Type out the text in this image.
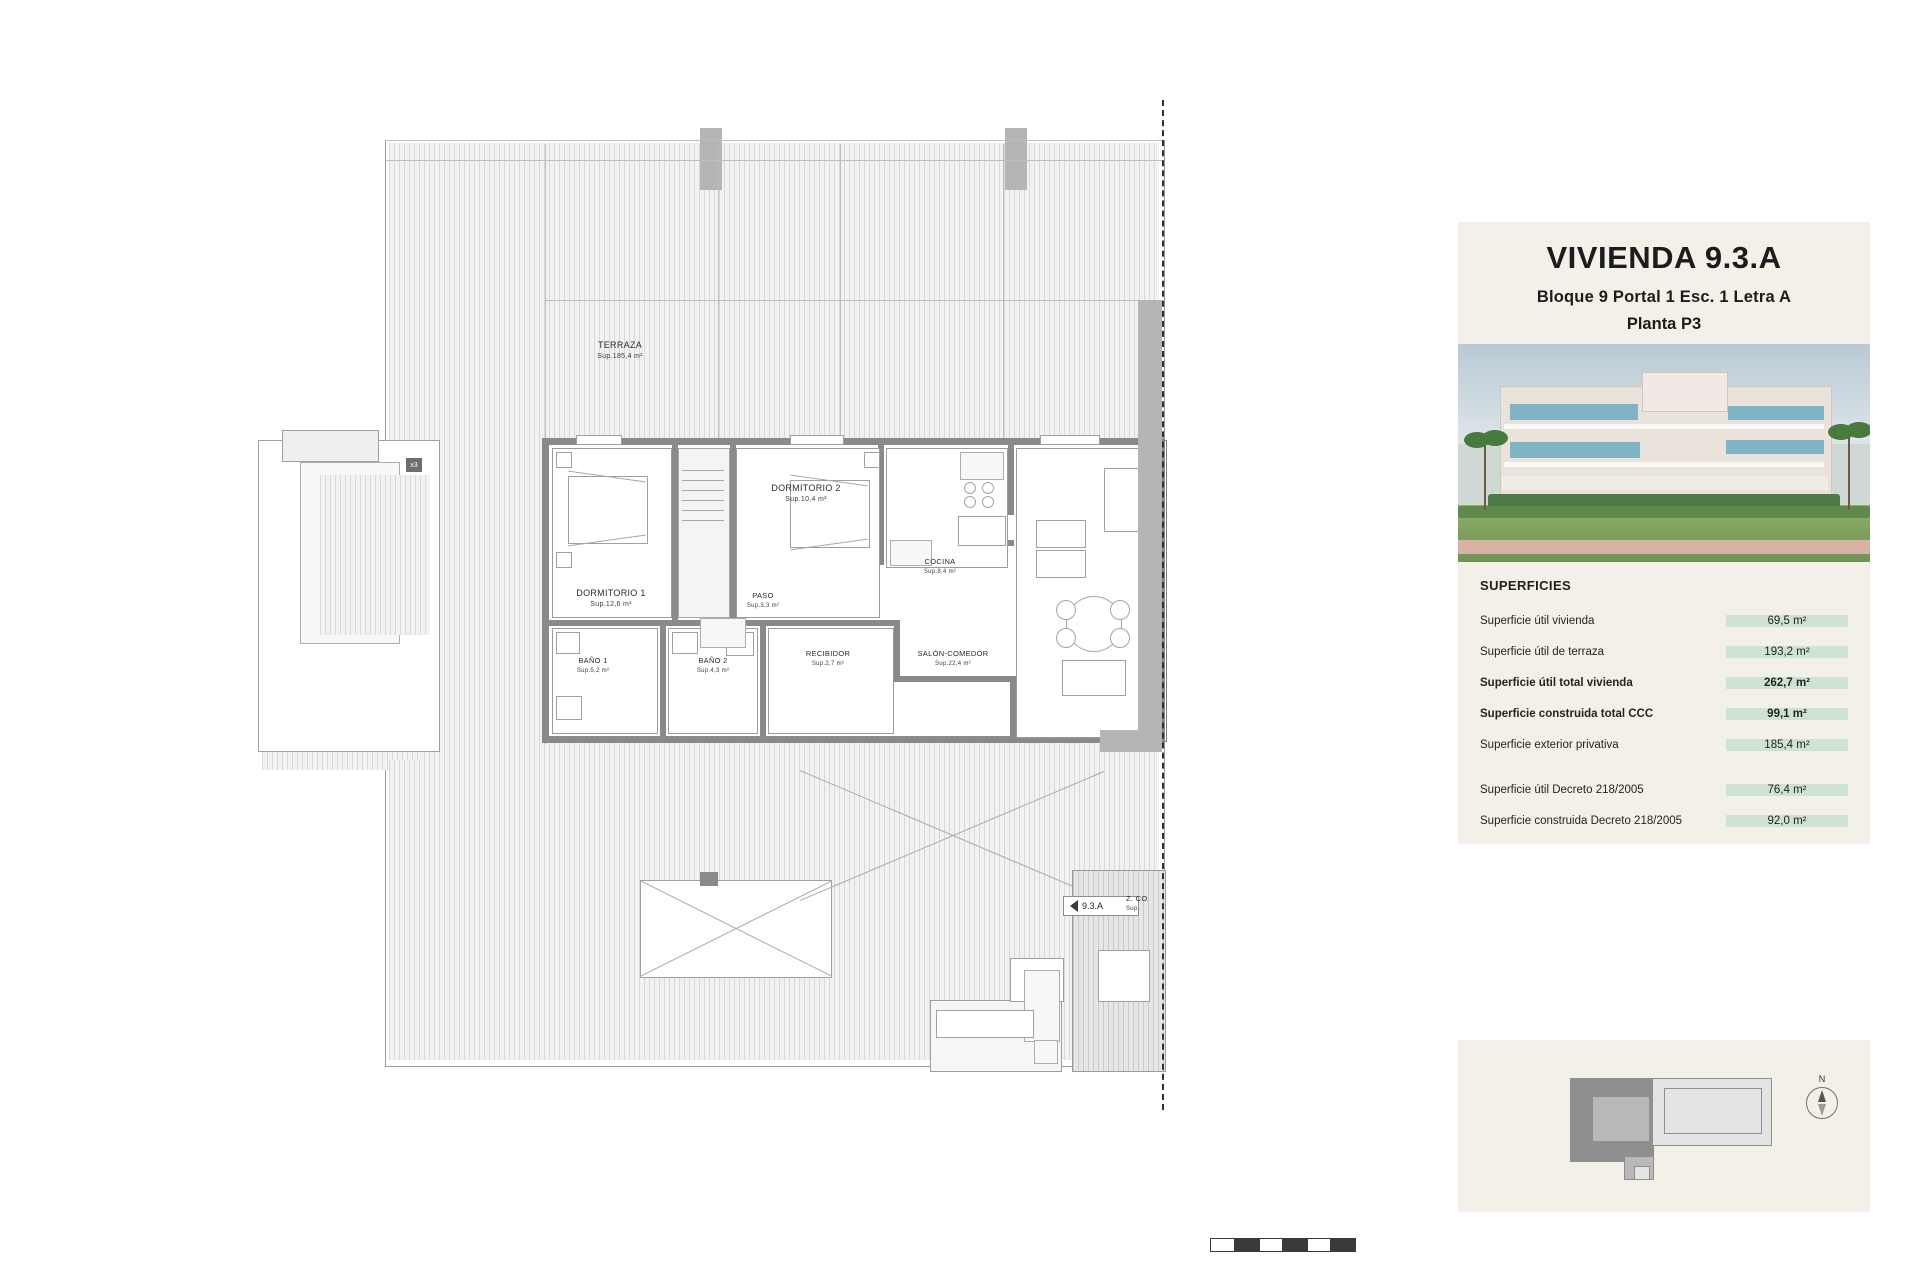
x3
TERRAZA
Sup.185,4 m²
DORMITORIO 2
Sup.10,4 m²
DORMITORIO 1
Sup.12,6 m²
PASO
Sup.3,3 m²
COCINA
Sup.8,4 m²
BAÑO 1
Sup.5,2 m²
BAÑO 2
Sup.4,3 m²
RECIBIDOR
Sup.2,7 m²
SALÓN-COMEDOR
Sup.22,4 m²
9.3.A
Z. CO
Sup.
VIVIENDA 9.3.A
Bloque 9 Portal 1 Esc. 1 Letra A
Planta P3
SUPERFICIES
Superficie útil vivienda	69,5 m²
Superficie útil de terraza	193,2 m²
Superficie útil total vivienda	262,7 m²
Superficie construida total CCC	99,1 m²
Superficie exterior privativa	185,4 m²
Superficie útil Decreto 218/2005	76,4 m²
Superficie construida Decreto 218/2005	92,0 m²
N
